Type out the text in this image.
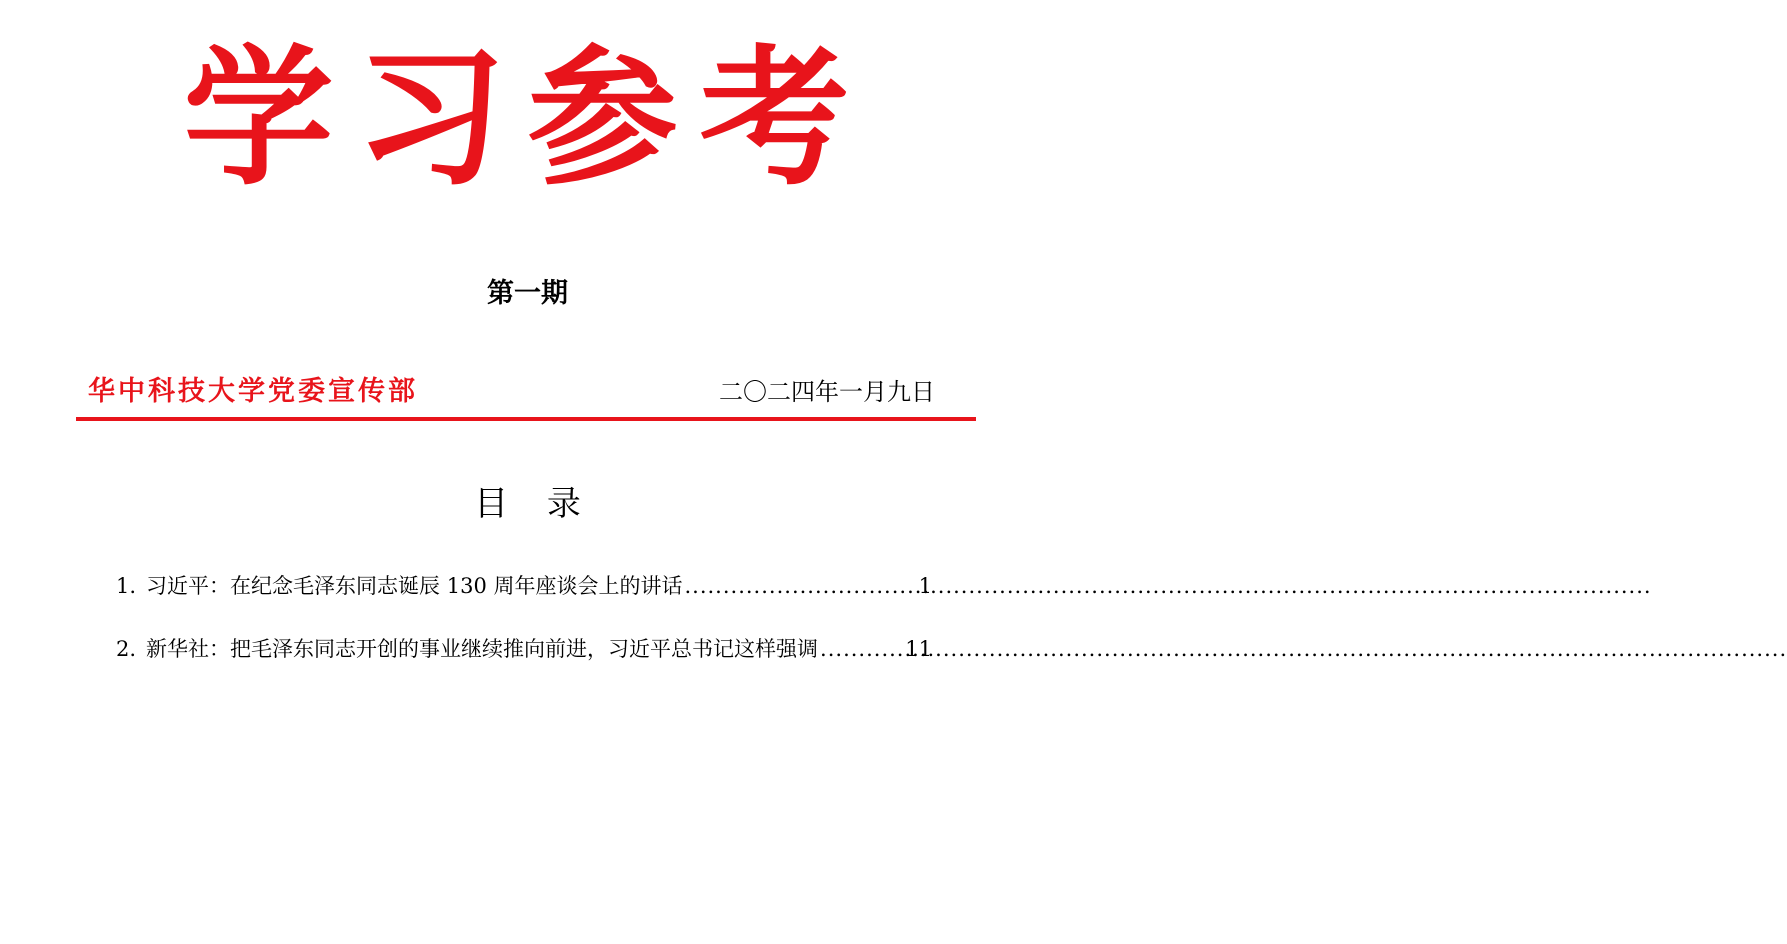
学习参考
第一期
华中科技大学党委宣传部	二〇二四年一月九日
目 录
1. 习近平：在纪念毛泽东同志诞辰 130 周年座谈会上的讲话 .....	1
2. 新华社：把毛泽东同志开创的事业继续推向前进，习近平总书记这样强调 .....	11
